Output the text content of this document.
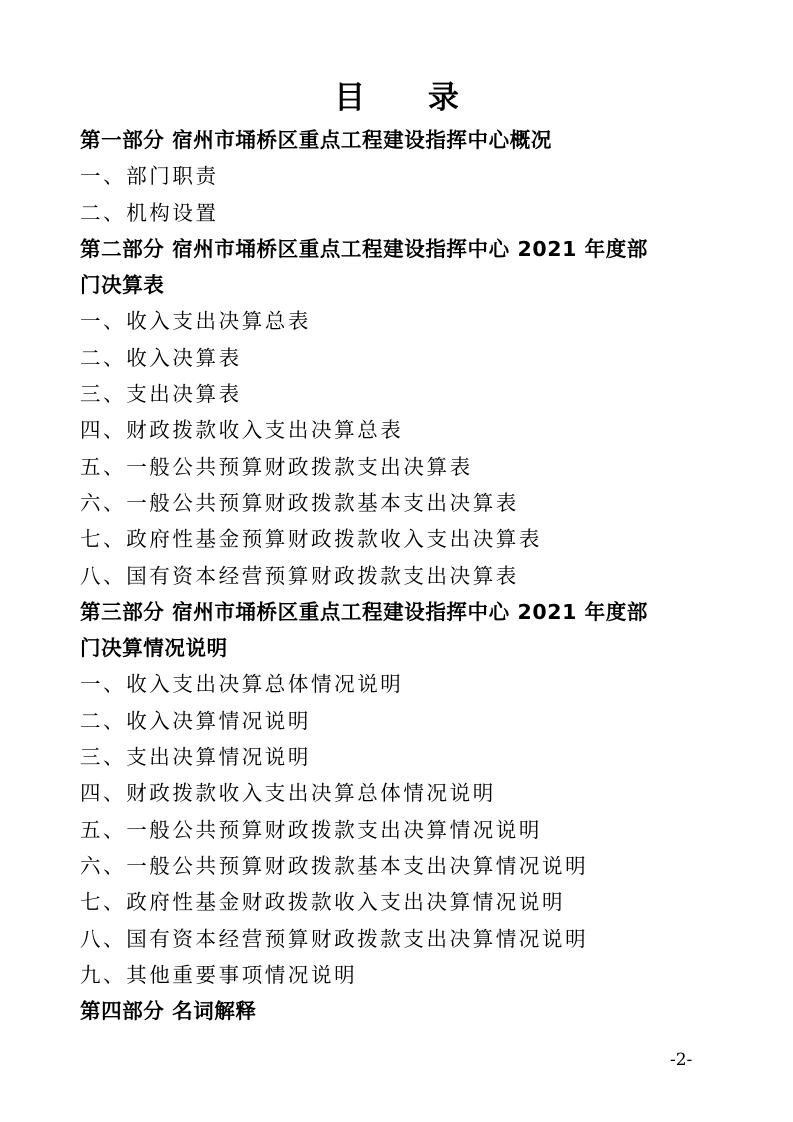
目 录
第一部分 宿州市埇桥区重点工程建设指挥中心概况
一、部门职责
二、机构设置
第二部分 宿州市埇桥区重点工程建设指挥中心 2021 年度部
门决算表
一、收入支出决算总表
二、收入决算表
三、支出决算表
四、财政拨款收入支出决算总表
五、一般公共预算财政拨款支出决算表
六、一般公共预算财政拨款基本支出决算表
七、政府性基金预算财政拨款收入支出决算表
八、国有资本经营预算财政拨款支出决算表
第三部分 宿州市埇桥区重点工程建设指挥中心 2021 年度部
门决算情况说明
一、收入支出决算总体情况说明
二、收入决算情况说明
三、支出决算情况说明
四、财政拨款收入支出决算总体情况说明
五、一般公共预算财政拨款支出决算情况说明
六、一般公共预算财政拨款基本支出决算情况说明
七、政府性基金财政拨款收入支出决算情况说明
八、国有资本经营预算财政拨款支出决算情况说明
九、其他重要事项情况说明
第四部分 名词解释
-2-
